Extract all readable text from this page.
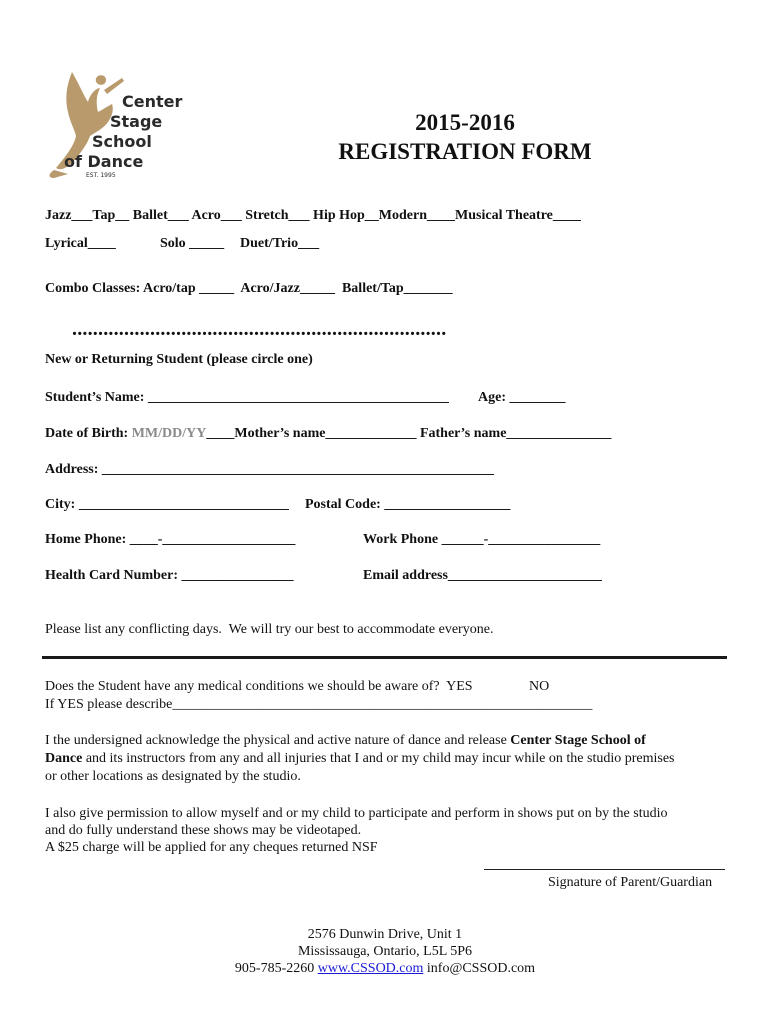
Center
Stage
School
of Dance
EST. 1995
2015-2016
REGISTRATION FORM
Jazz___Tap__ Ballet___ Acro___ Stretch___ Hip Hop__Modern____Musical Theatre____
Lyrical____	Solo _____ Duet/Trio___
Combo Classes: Acro/tap _____  Acro/Jazz_____  Ballet/Tap_______
........................................................................
New or Returning Student (please circle one)
Student’s Name: ___________________________________________ Age: ________
Date of Birth: MM/DD/YY____Mother’s name_____________ Father’s name_______________
Address: ________________________________________________________
City: ______________________________ Postal Code: __________________
Home Phone: ____-___________________	Work Phone ______-________________
Health Card Number: ________________	Email address______________________
Please list any conflicting days.  We will try our best to accommodate everyone.
Does the Student have any medical conditions we should be aware of?  YES	NO
If YES please describe____________________________________________________________
I the undersigned acknowledge the physical and active nature of dance and release Center Stage School of
Dance and its instructors from any and all injuries that I and or my child may incur while on the studio premises
or other locations as designated by the studio.
I also give permission to allow myself and or my child to participate and perform in shows put on by the studio
and do fully understand these shows may be videotaped.
A $25 charge will be applied for any cheques returned NSF
Signature of Parent/Guardian
2576 Dunwin Drive, Unit 1
Mississauga, Ontario, L5L 5P6
905-785-2260 www.CSSOD.com info@CSSOD.com
